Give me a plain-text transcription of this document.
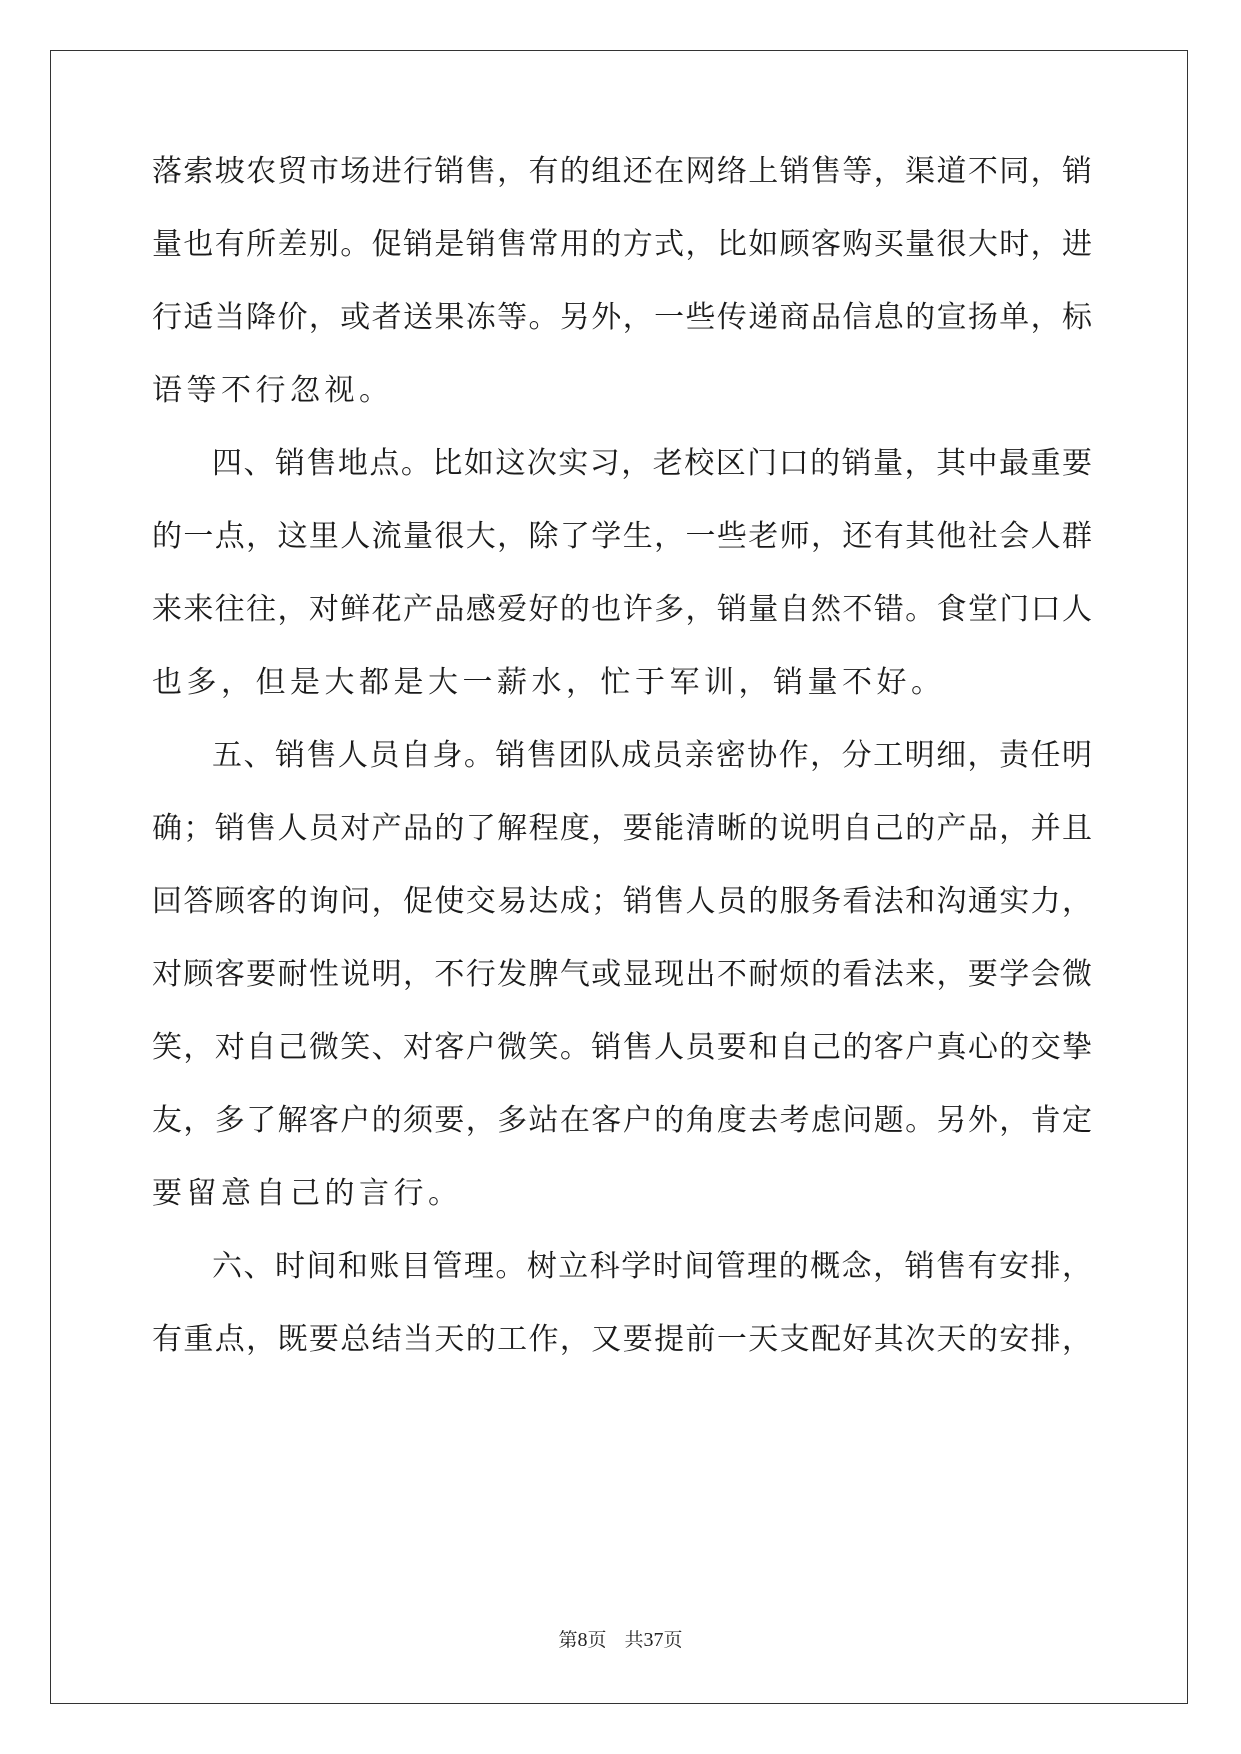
落索坡农贸市场进行销售，有的组还在网络上销售等，渠道不同，销
量也有所差别。促销是销售常用的方式，比如顾客购买量很大时，进
行适当降价，或者送果冻等。另外，一些传递商品信息的宣扬单，标
语等不行忽视。
四、销售地点。比如这次实习，老校区门口的销量，其中最重要
的一点，这里人流量很大，除了学生，一些老师，还有其他社会人群
来来往往，对鲜花产品感爱好的也许多，销量自然不错。食堂门口人
也多，但是大都是大一薪水，忙于军训，销量不好。
五、销售人员自身。销售团队成员亲密协作，分工明细，责任明
确；销售人员对产品的了解程度，要能清晰的说明自己的产品，并且
回答顾客的询问，促使交易达成；销售人员的服务看法和沟通实力，
对顾客要耐性说明，不行发脾气或显现出不耐烦的看法来，要学会微
笑，对自己微笑、对客户微笑。销售人员要和自己的客户真心的交挚
友，多了解客户的须要，多站在客户的角度去考虑问题。另外，肯定
要留意自己的言行。
六、时间和账目管理。树立科学时间管理的概念，销售有安排，
有重点，既要总结当天的工作，又要提前一天支配好其次天的安排，
第8页 共37页
